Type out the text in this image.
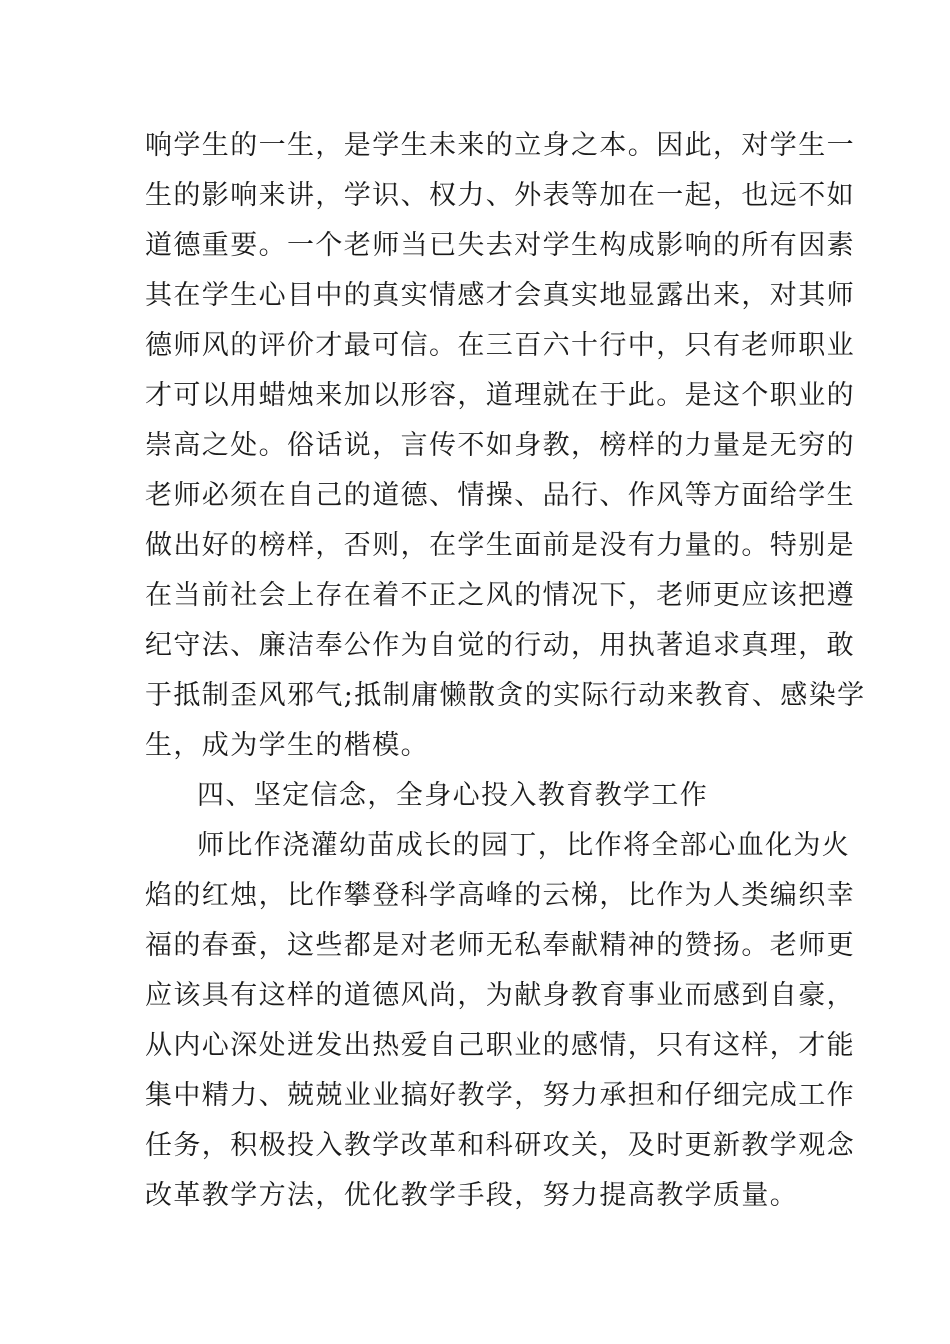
响学生的一生，是学生未来的立身之本。因此，对学生一
生的影响来讲，学识、权力、外表等加在一起，也远不如
道德重要。一个老师当已失去对学生构成影响的所有因素
其在学生心目中的真实情感才会真实地显露出来，对其师
德师风的评价才最可信。在三百六十行中，只有老师职业
才可以用蜡烛来加以形容，道理就在于此。是这个职业的
崇高之处。俗话说，言传不如身教，榜样的力量是无穷的
老师必须在自己的道德、情操、品行、作风等方面给学生
做出好的榜样，否则，在学生面前是没有力量的。特别是
在当前社会上存在着不正之风的情况下，老师更应该把遵
纪守法、廉洁奉公作为自觉的行动，用执著追求真理，敢
于抵制歪风邪气;抵制庸懒散贪的实际行动来教育、感染学
生，成为学生的楷模。
四、坚定信念，全身心投入教育教学工作
师比作浇灌幼苗成长的园丁，比作将全部心血化为火
焰的红烛，比作攀登科学高峰的云梯，比作为人类编织幸
福的春蚕，这些都是对老师无私奉献精神的赞扬。老师更
应该具有这样的道德风尚，为献身教育事业而感到自豪，
从内心深处迸发出热爱自己职业的感情，只有这样，才能
集中精力、兢兢业业搞好教学，努力承担和仔细完成工作
任务，积极投入教学改革和科研攻关，及时更新教学观念
改革教学方法，优化教学手段，努力提高教学质量。
